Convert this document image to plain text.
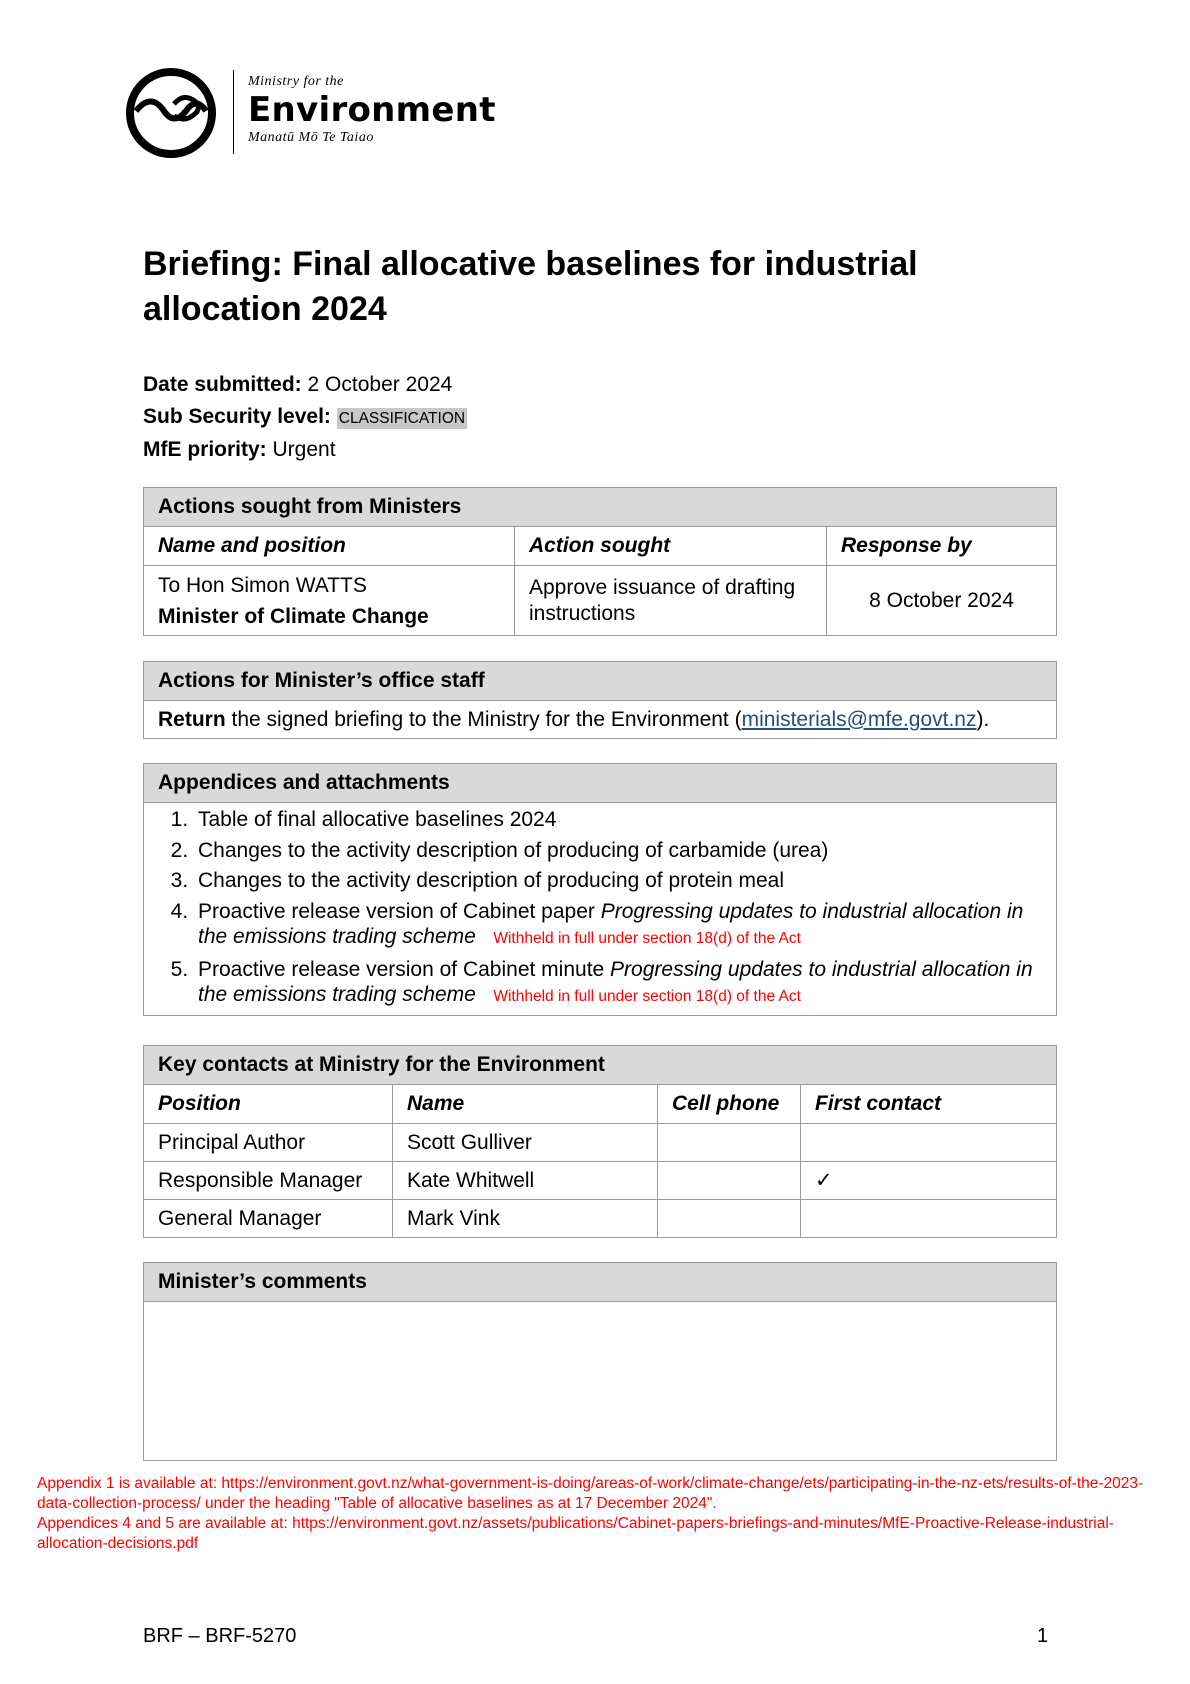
Ministry for the
Environment
Manatū Mō Te Taiao
Briefing: Final allocative baselines for industrial allocation 2024
Date submitted: 2 October 2024
Sub Security level: CLASSIFICATION
MfE priority: Urgent
Actions sought from Ministers		
Name and position	Action sought	Response by

To Hon Simon WATTS
Minister of Climate Change	Approve issuance of drafting instructions	8 October 2024
Actions for Minister’s office staff
Return the signed briefing to the Ministry for the Environment (ministerials@mfe.govt.nz).
Appendices and attachments

1. Table of final allocative baselines 2024
2. Changes to the activity description of producing of carbamide (urea)
3. Changes to the activity description of producing of protein meal
4. Proactive release version of Cabinet paper Progressing updates to industrial allocation in the emissions trading scheme Withheld in full under section 18(d) of the Act
5. Proactive release version of Cabinet minute Progressing updates to industrial allocation in the emissions trading scheme Withheld in full under section 18(d) of the Act
Key contacts at Ministry for the Environment			
Position	Name	Cell phone	First contact
Principal Author	Scott Gulliver		
Responsible Manager	Kate Whitwell		✓
General Manager	Mark Vink		
Minister’s comments

Appendix 1 is available at: https://environment.govt.nz/what-government-is-doing/areas-of-work/climate-change/ets/participating-in-the-nz-ets/results-of-the-2023-data-collection-process/ under the heading "Table of allocative baselines as at 17 December 2024".
Appendices 4 and 5 are available at: https://environment.govt.nz/assets/publications/Cabinet-papers-briefings-and-minutes/MfE-Proactive-Release-industrial-allocation-decisions.pdf
BRF – BRF-5270	1
